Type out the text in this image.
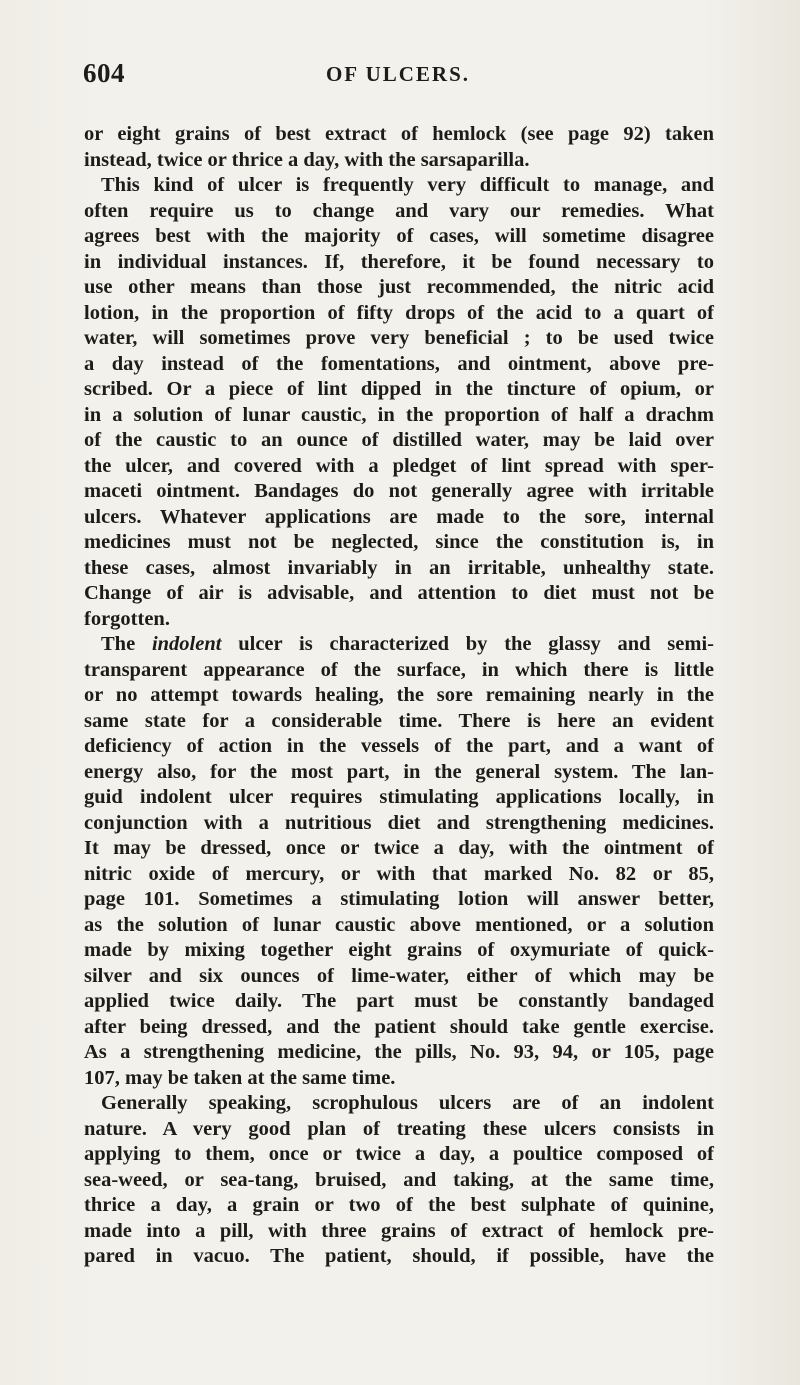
604	OF ULCERS.
or eight grains of best extract of hemlock (see page 92) taken
instead, twice or thrice a day, with the sarsaparilla.
This kind of ulcer is frequently very difficult to manage, and
often require us to change and vary our remedies. What
agrees best with the majority of cases, will sometime disagree
in individual instances. If, therefore, it be found necessary to
use other means than those just recommended, the nitric acid
lotion, in the proportion of fifty drops of the acid to a quart of
water, will sometimes prove very beneficial ; to be used twice
a day instead of the fomentations, and ointment, above pre-
scribed. Or a piece of lint dipped in the tincture of opium, or
in a solution of lunar caustic, in the proportion of half a drachm
of the caustic to an ounce of distilled water, may be laid over
the ulcer, and covered with a pledget of lint spread with sper-
maceti ointment. Bandages do not generally agree with irritable
ulcers. Whatever applications are made to the sore, internal
medicines must not be neglected, since the constitution is, in
these cases, almost invariably in an irritable, unhealthy state.
Change of air is advisable, and attention to diet must not be
forgotten.
The indolent ulcer is characterized by the glassy and semi-
transparent appearance of the surface, in which there is little
or no attempt towards healing, the sore remaining nearly in the
same state for a considerable time. There is here an evident
deficiency of action in the vessels of the part, and a want of
energy also, for the most part, in the general system. The lan-
guid indolent ulcer requires stimulating applications locally, in
conjunction with a nutritious diet and strengthening medicines.
It may be dressed, once or twice a day, with the ointment of
nitric oxide of mercury, or with that marked No. 82 or 85,
page 101. Sometimes a stimulating lotion will answer better,
as the solution of lunar caustic above mentioned, or a solution
made by mixing together eight grains of oxymuriate of quick-
silver and six ounces of lime-water, either of which may be
applied twice daily. The part must be constantly bandaged
after being dressed, and the patient should take gentle exercise.
As a strengthening medicine, the pills, No. 93, 94, or 105, page
107, may be taken at the same time.
Generally speaking, scrophulous ulcers are of an indolent
nature. A very good plan of treating these ulcers consists in
applying to them, once or twice a day, a poultice composed of
sea-weed, or sea-tang, bruised, and taking, at the same time,
thrice a day, a grain or two of the best sulphate of quinine,
made into a pill, with three grains of extract of hemlock pre-
pared in vacuo. The patient, should, if possible, have the
